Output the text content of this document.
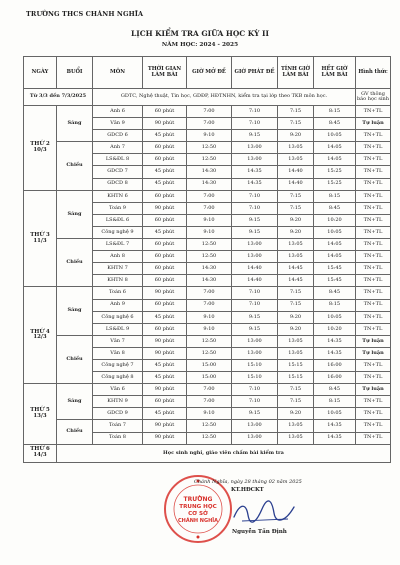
TRƯỜNG THCS CHÁNH NGHĨA
LỊCH KIỂM TRA GIỮA HỌC KỲ II
NĂM HỌC: 2024 - 2025
NGÀY	BUỔI	MÔN	THỜI GIAN LÀM BÀI	GIỜ MỞ ĐỀ	GIỜ PHÁT ĐỀ	TÍNH GIỜ LÀM BÀI	HẾT GIỜ LÀM BÀI	Hình thức
Từ 3/3 đến 7/3/2025		GDTC, Nghệ thuật, Tin học, GDĐP, HĐTNHN, kiểm tra tại lớp theo TKB môn học.						GV thông báo học sinh

THỨ 2
10/3	Sáng	Anh 6	60 phút	7:00	7:10	7:15	8:15	TN+TL
		Văn 9	90 phút	7:00	7:10	7:15	8:45	Tự luận
		GDCD 6	45 phút	9:10	9:15	9:20	10:05	TN+TL
	Chiều	Anh 7	60 phút	12:50	13:00	13:05	14:05	TN+TL
		LS&ĐL 8	60 phút	12:50	13:00	13:05	14:05	TN+TL
		GDCD 7	45 phút	14:30	14:35	14:40	15:25	TN+TL
		GDCD 8	45 phút	14:30	14:35	14:40	15:25	TN+TL

THỨ 3
11/3	Sáng	KHTN 6	60 phút	7:00	7:10	7:15	8:15	TN+TL
		Toán 9	90 phút	7:00	7:10	7:15	8:45	TN+TL
		LS&ĐL 6	60 phút	9:10	9:15	9:20	10:20	TN+TL
		Công nghệ 9	45 phút	9:10	9:15	9:20	10:05	TN+TL
	Chiều	LS&ĐL 7	60 phút	12:50	13:00	13:05	14:05	TN+TL
		Anh 8	60 phút	12:50	13:00	13:05	14:05	TN+TL
		KHTN 7	60 phút	14:30	14:40	14:45	15:45	TN+TL
		KHTN 8	60 phút	14:30	14:40	14:45	15:45	TN+TL

THỨ 4
12/3	Sáng	Toán 6	90 phút	7:00	7:10	7:15	8:45	TN+TL
		Anh 9	60 phút	7:00	7:10	7:15	8:15	TN+TL
		Công nghệ 6	45 phút	9:10	9:15	9:20	10:05	TN+TL
		LS&ĐL 9	60 phút	9:10	9:15	9:20	10:20	TN+TL
	Chiều	Văn 7	90 phút	12:50	13:00	13:05	14:35	Tự luận
		Văn 8	90 phút	12:50	13:00	13:05	14:35	Tự luận
		Công nghệ 7	45 phút	15:00	15:10	15:15	16:00	TN+TL
		Công nghệ 8	45 phút	15:00	15:10	15:15	16:00	TN+TL

THỨ 5
13/3	Sáng	Văn 6	90 phút	7:00	7:10	7:15	8:45	Tự luận
		KHTN 9	60 phút	7:00	7:10	7:15	8:15	TN+TL
		GDCD 9	45 phút	9:10	9:15	9:20	10:05	TN+TL
	Chiều	Toán 7	90 phút	12:50	13:00	13:05	14:35	TN+TL
		Toán 8	90 phút	12:50	13:00	13:05	14:35	TN+TL

THỨ 6
14/3	Học sinh nghỉ, giáo viên chấm bài kiểm tra							
TRƯỜNG
TRUNG HỌC
CƠ SỞ
CHÁNH NGHĨA
Chánh Nghĩa, ngày 28 tháng 02 năm 2025
KT.HĐCKT
Nguyễn Tấn Định
